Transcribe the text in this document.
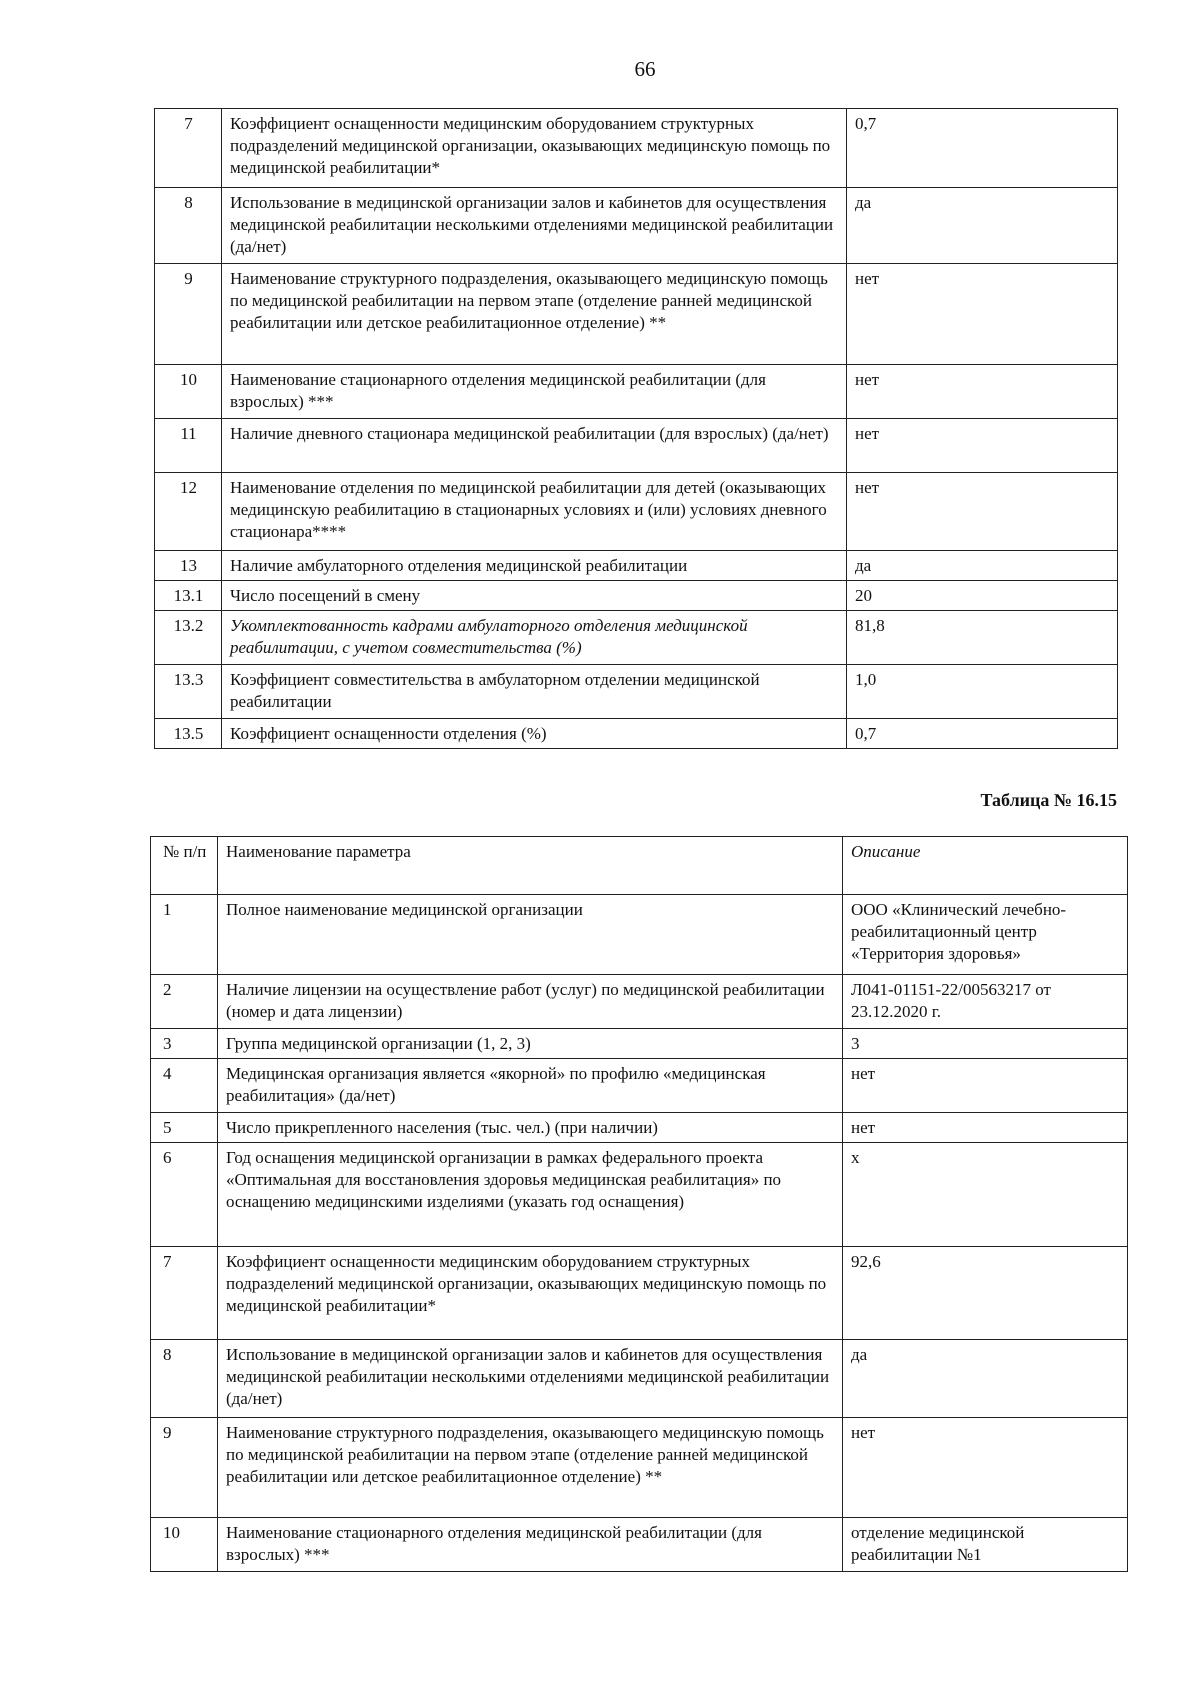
66
7	Коэффициент оснащенности медицинским оборудованием структурных подразделений медицинской организации, оказывающих медицинскую помощь по медицинской реабилитации*	0,7
8	Использование в медицинской организации залов и кабинетов для осуществления медицинской реабилитации несколькими отделениями медицинской реабилитации (да/нет)	да
9	Наименование структурного подразделения, оказывающего медицинскую помощь по медицинской реабилитации на первом этапе (отделение ранней медицинской реабилитации или детское реабилитационное отделение) **	нет
10	Наименование стационарного отделения медицинской реабилитации (для взрослых) ***	нет
11	Наличие дневного стационара медицинской реабилитации (для взрослых) (да/нет)	нет
12	Наименование отделения по медицинской реабилитации для детей (оказывающих медицинскую реабилитацию в стационарных условиях и (или) условиях дневного стационара****	нет
13	Наличие амбулаторного отделения медицинской реабилитации	да
13.1	Число посещений в смену	20
13.2	Укомплектованность кадрами амбулаторного отделения медицинской реабилитации, с учетом совместительства (%)	81,8
13.3	Коэффициент совместительства в амбулаторном отделении медицинской реабилитации	1,0
13.5	Коэффициент оснащенности отделения (%)	0,7
Таблица № 16.15
№ п/п	Наименование параметра	Описание
1	Полное наименование медицинской организации	ООО «Клинический лечебно-реабилитационный центр «Территория здоровья»
2	Наличие лицензии на осуществление работ (услуг) по медицинской реабилитации (номер и дата лицензии)	Л041-01151-22/00563217 от 23.12.2020 г.
3	Группа медицинской организации (1, 2, 3)	3
4	Медицинская организация является «якорной» по профилю «медицинская реабилитация» (да/нет)	нет
5	Число прикрепленного населения (тыс. чел.) (при наличии)	нет
6	Год оснащения медицинской организации в рамках федерального проекта «Оптимальная для восстановления здоровья медицинская реабилитация» по оснащению медицинскими изделиями (указать год оснащения)	х
7	Коэффициент оснащенности медицинским оборудованием структурных подразделений медицинской организации, оказывающих медицинскую помощь по медицинской реабилитации*	92,6
8	Использование в медицинской организации залов и кабинетов для осуществления медицинской реабилитации несколькими отделениями медицинской реабилитации (да/нет)	да
9	Наименование структурного подразделения, оказывающего медицинскую помощь по медицинской реабилитации на первом этапе (отделение ранней медицинской реабилитации или детское реабилитационное отделение) **	нет
10	Наименование стационарного отделения медицинской реабилитации (для взрослых) ***	отделение медицинской реабилитации №1
